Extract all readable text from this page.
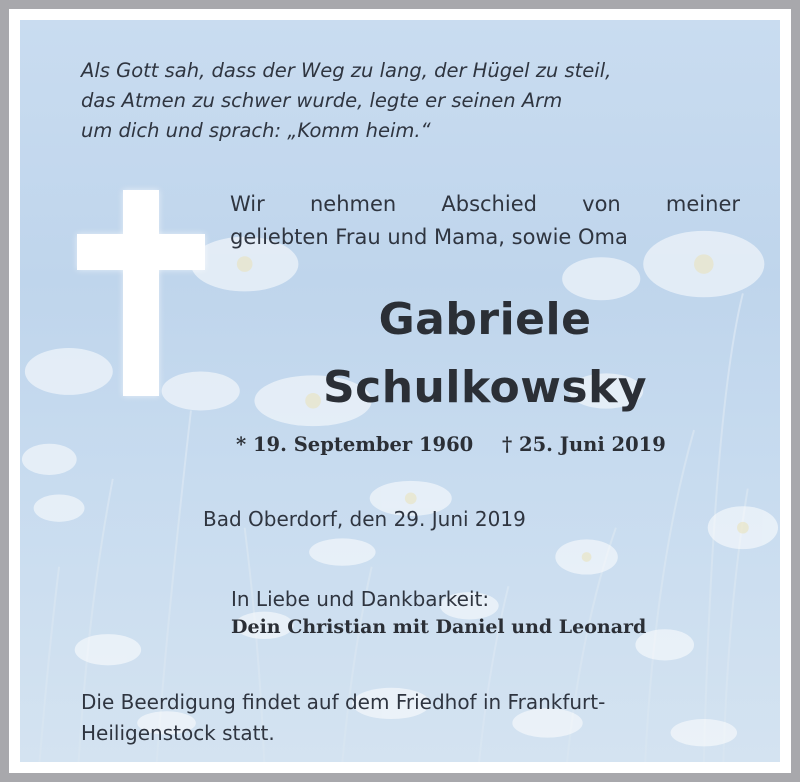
Als Gott sah, dass der Weg zu lang, der Hügel zu steil,
das Atmen zu schwer wurde, legte er seinen Arm
um dich und sprach: „Komm heim.“

Wir nehmen Abschied von meiner
geliebten Frau und Mama, sowie Oma
Gabriele
Schulkowsky
* 19. September 1960 † 25. Juni 2019
Bad Oberdorf, den 29. Juni 2019
In Liebe und Dankbarkeit:
Dein Christian mit Daniel und Leonard
Die Beerdigung findet auf dem Friedhof in Frankfurt-
Heiligenstock statt.
